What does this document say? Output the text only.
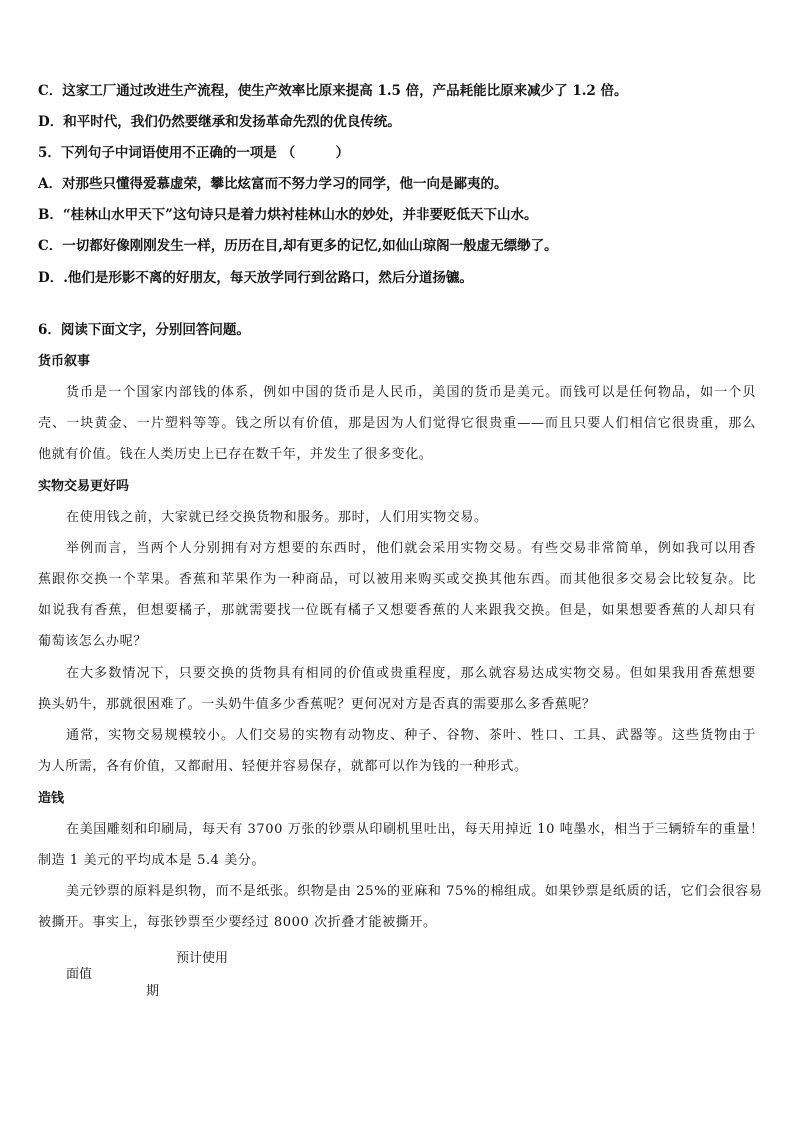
C．这家工厂通过改进生产流程，使生产效率比原来提高 1.5 倍，产品耗能比原来减少了 1.2 倍。
D．和平时代，我们仍然要继承和发扬革命先烈的优良传统。
5．下列句子中词语使用不正确的一项是 （　　　）
A．对那些只懂得爱慕虚荣，攀比炫富而不努力学习的同学，他一向是鄙夷的。
B．“桂林山水甲天下”这句诗只是着力烘衬桂林山水的妙处，并非要贬低天下山水。
C．一切都好像刚刚发生一样，历历在目,却有更多的记忆,如仙山琼阁一般虚无缥缈了。
D．.他们是形影不离的好朋友，每天放学同行到岔路口，然后分道扬镳。
6．阅读下面文字，分别回答问题。
货币叙事
货币是一个国家内部钱的体系，例如中国的货币是人民币，美国的货币是美元。而钱可以是任何物品，如一个贝
壳、一块黄金、一片塑料等等。钱之所以有价值，那是因为人们觉得它很贵重——而且只要人们相信它很贵重，那么
他就有价值。钱在人类历史上已存在数千年，并发生了很多变化。
实物交易更好吗
在使用钱之前，大家就已经交换货物和服务。那时，人们用实物交易。
举例而言，当两个人分别拥有对方想要的东西时，他们就会采用实物交易。有些交易非常简单，例如我可以用香
蕉跟你交换一个苹果。香蕉和苹果作为一种商品，可以被用来购买或交换其他东西。而其他很多交易会比较复杂。比
如说我有香蕉，但想要橘子，那就需要找一位既有橘子又想要香蕉的人来跟我交换。但是，如果想要香蕉的人却只有
葡萄该怎么办呢？
在大多数情况下，只要交换的货物具有相同的价值或贵重程度，那么就容易达成实物交易。但如果我用香蕉想要
换头奶牛，那就很困难了。一头奶牛值多少香蕉呢？更何况对方是否真的需要那么多香蕉呢？
通常，实物交易规模较小。人们交易的实物有动物皮、种子、谷物、茶叶、牲口、工具、武器等。这些货物由于
为人所需，各有价值，又都耐用、轻便并容易保存，就都可以作为钱的一种形式。
造钱
在美国雕刻和印刷局，每天有 3700 万张的钞票从印刷机里吐出，每天用掉近 10 吨墨水，相当于三辆轿车的重量！
制造 1 美元的平均成本是 5.4 美分。
美元钞票的原料是织物，而不是纸张。织物是由 25%的亚麻和 75%的棉组成。如果钞票是纸质的话，它们会很容易
被撕开。事实上，每张钞票至少要经过 8000 次折叠才能被撕开。
预计使用
面值
期
